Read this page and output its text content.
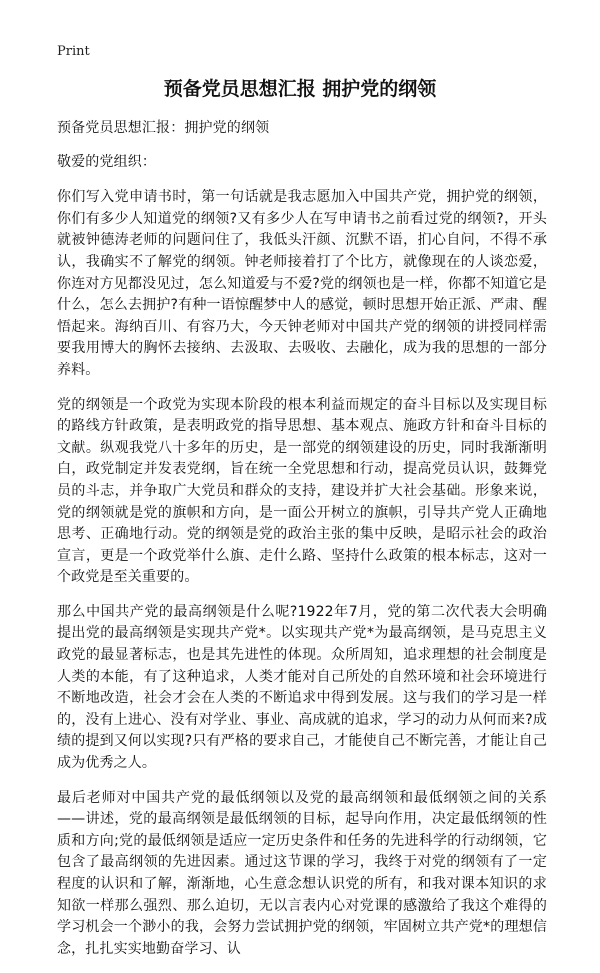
Print
预备党员思想汇报 拥护党的纲领

预备党员思想汇报：拥护党的纲领

敬爱的党组织：

你们写入党申请书时，第一句话就是我志愿加入中国共产党，拥护党的纲领，你们有多少人知道党的纲领?又有多少人在写申请书之前看过党的纲领?，开头就被钟德涛老师的问题问住了，我低头汗颜、沉默不语，扪心自问，不得不承认，我确实不了解党的纲领。钟老师接着打了个比方，就像现在的人谈恋爱，你连对方见都没见过，怎么知道爱与不爱?党的纲领也是一样，你都不知道它是什么，怎么去拥护?有种一语惊醒梦中人的感觉，顿时思想开始正派、严肃、醒悟起来。海纳百川、有容乃大，今天钟老师对中国共产党的纲领的讲授同样需要我用博大的胸怀去接纳、去汲取、去吸收、去融化，成为我的思想的一部分养料。

党的纲领是一个政党为实现本阶段的根本利益而规定的奋斗目标以及实现目标的路线方针政策，是表明政党的指导思想、基本观点、施政方针和奋斗目标的文献。纵观我党八十多年的历史，是一部党的纲领建设的历史，同时我渐渐明白，政党制定并发表党纲，旨在统一全党思想和行动，提高党员认识，鼓舞党员的斗志，并争取广大党员和群众的支持，建设并扩大社会基础。形象来说，党的纲领就是党的旗帜和方向，是一面公开树立的旗帜，引导共产党人正确地思考、正确地行动。党的纲领是党的政治主张的集中反映，是昭示社会的政治宣言，更是一个政党举什么旗、走什么路、坚持什么政策的根本标志，这对一个政党是至关重要的。

那么中国共产党的最高纲领是什么呢?1922年7月，党的第二次代表大会明确提出党的最高纲领是实现共产党*。以实现共产党*为最高纲领，是马克思主义政党的最显著标志，也是其先进性的体现。众所周知，追求理想的社会制度是人类的本能，有了这种追求，人类才能对自己所处的自然环境和社会环境进行不断地改造，社会才会在人类的不断追求中得到发展。这与我们的学习是一样的，没有上进心、没有对学业、事业、高成就的追求，学习的动力从何而来?成绩的提到又何以实现?只有严格的要求自己，才能使自己不断完善，才能让自己成为优秀之人。

最后老师对中国共产党的最低纲领以及党的最高纲领和最低纲领之间的关系——讲述，党的最高纲领是最低纲领的目标，起导向作用，决定最低纲领的性质和方向;党的最低纲领是适应一定历史条件和任务的先进科学的行动纲领，它包含了最高纲领的先进因素。通过这节课的学习，我终于对党的纲领有了一定程度的认识和了解，渐渐地，心生意念想认识党的所有，和我对课本知识的求知欲一样那么强烈、那么迫切，无以言表内心对党课的感激给了我这个难得的学习机会一个渺小的我，会努力尝试拥护党的纲领，牢固树立共产党*的理想信念，扎扎实实地勤奋学习、认
